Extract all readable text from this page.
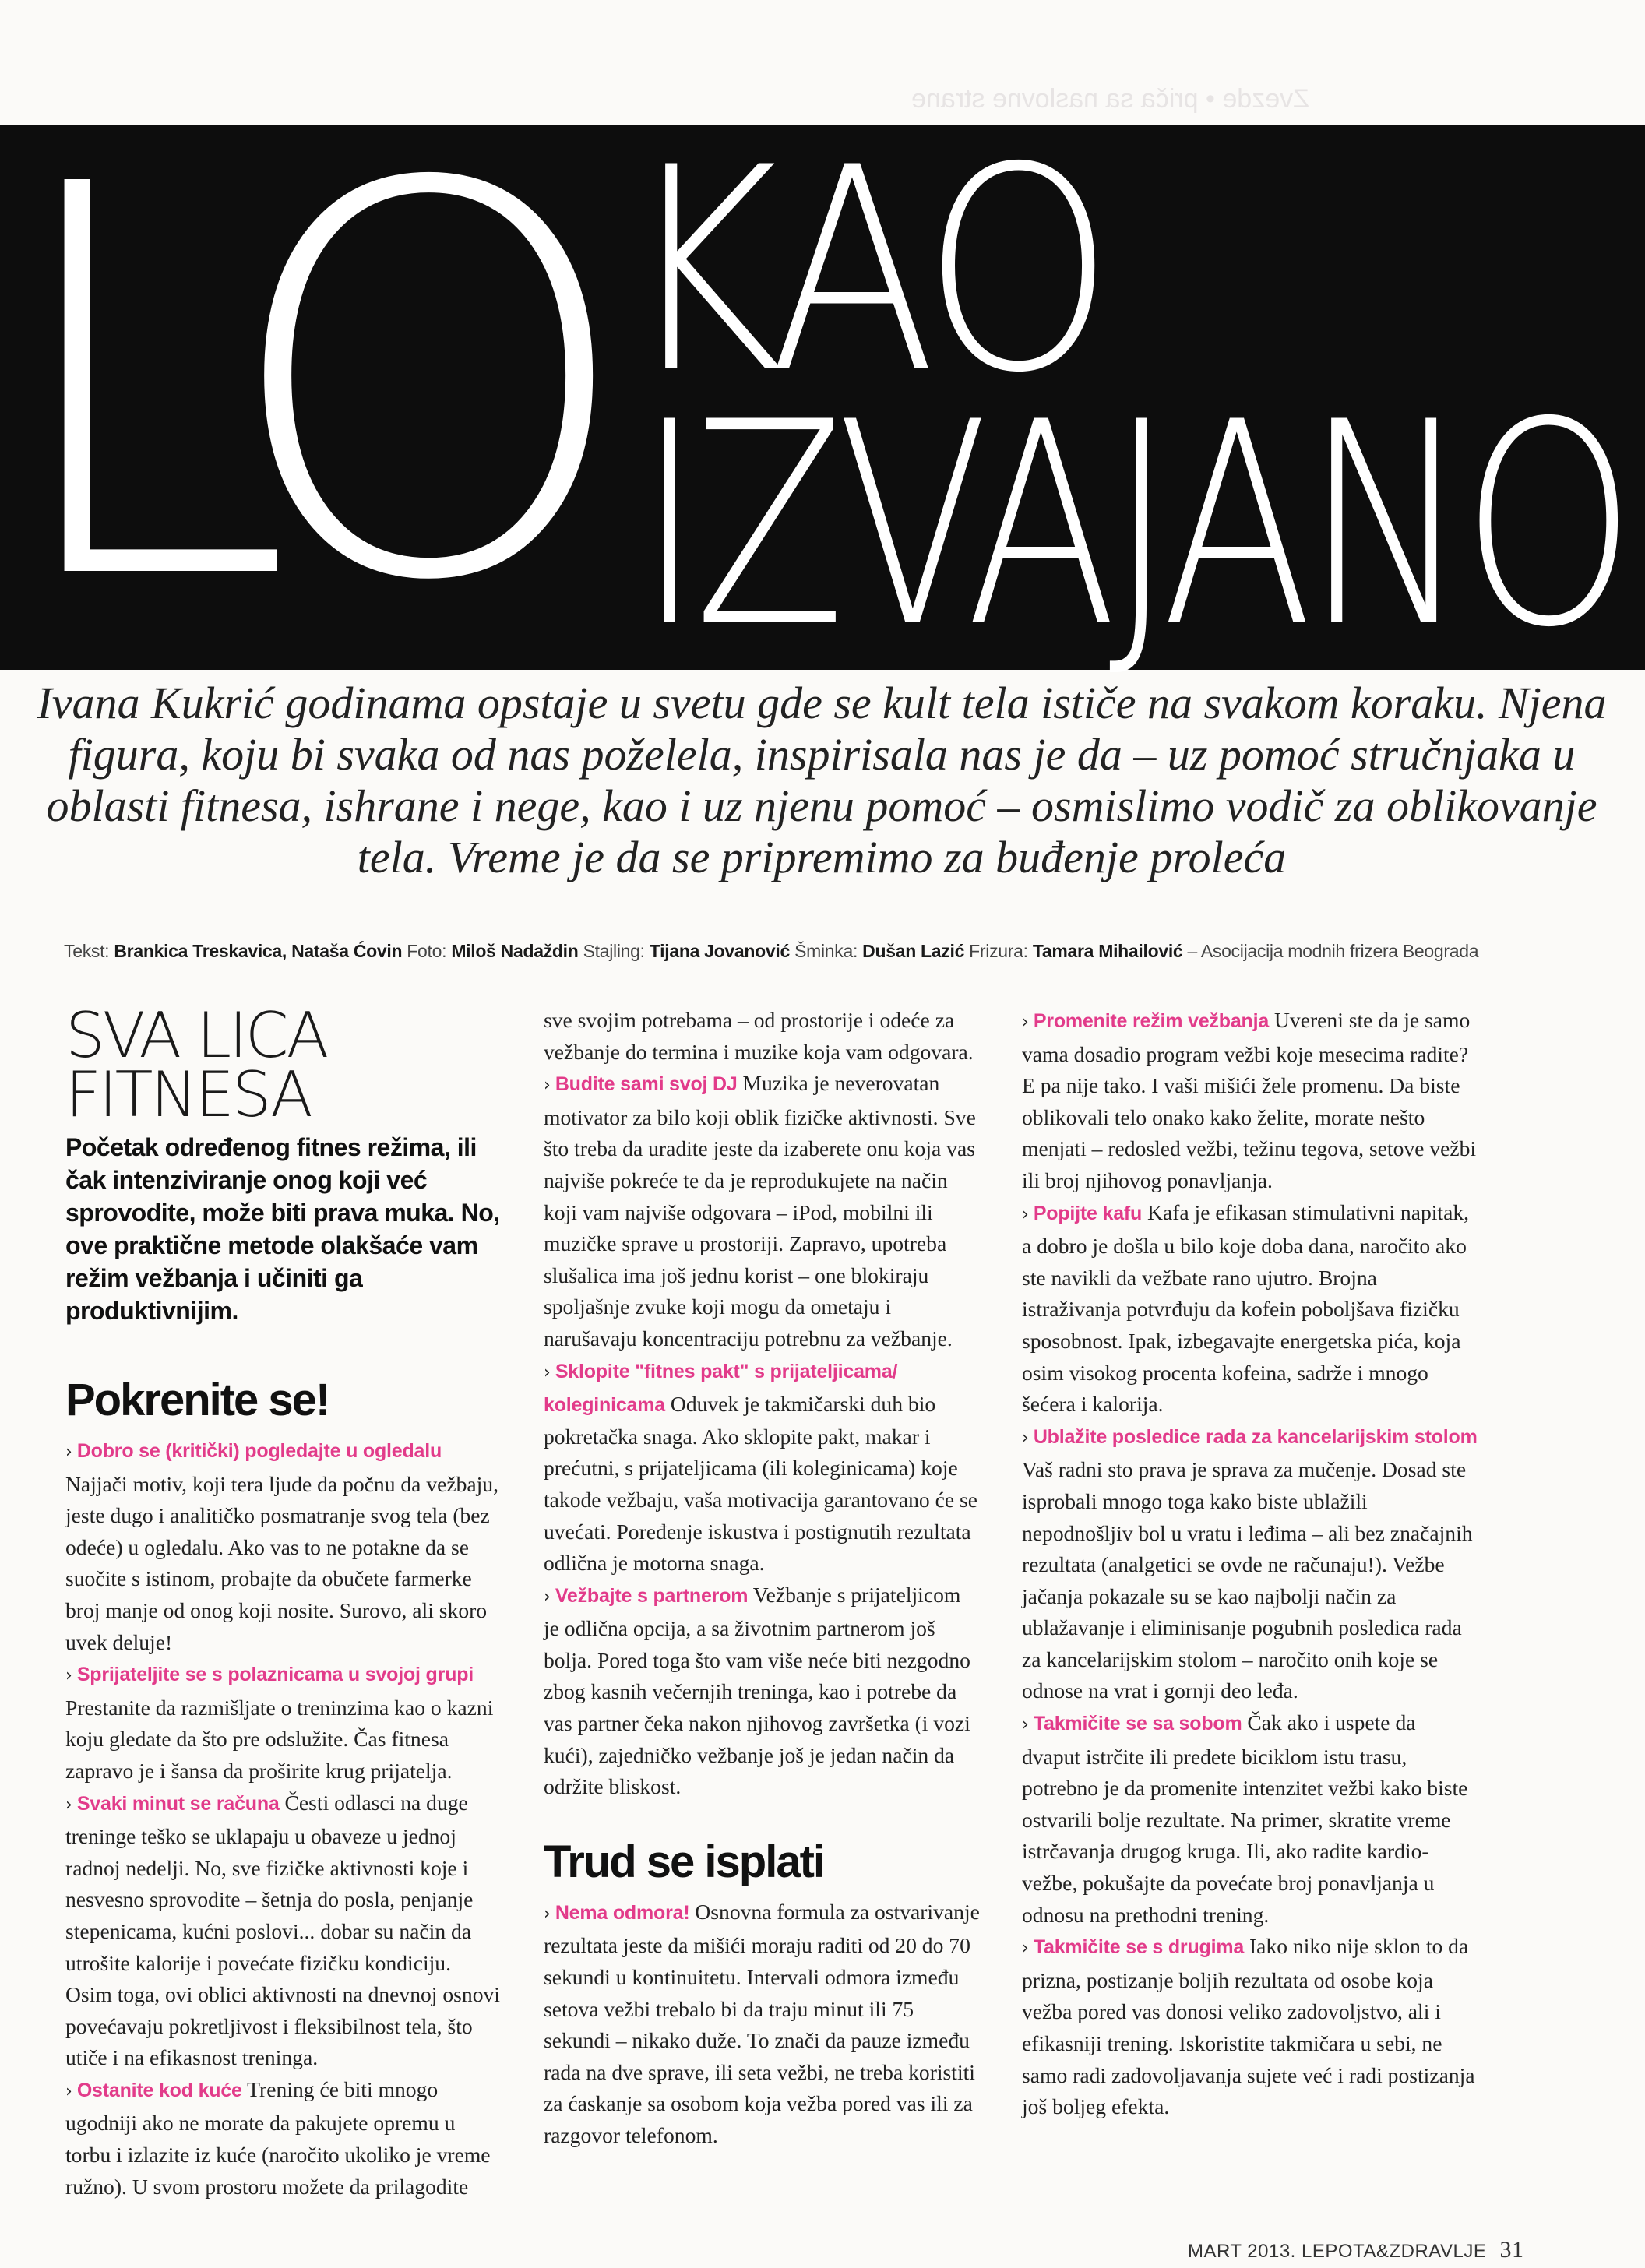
Zvezde • priča sa naslovne strane
LO KAO
IZVAJANO
Ivana Kukrić godinama opstaje u svetu gde se kult tela ističe na svakom koraku. Njena figura, koju bi svaka od nas poželela, inspirisala nas je da – uz pomoć stručnjaka u oblasti fitnesa, ishrane i nege, kao i uz njenu pomoć – osmislimo vodič za oblikovanje tela. Vreme je da se pripremimo za buđenje proleća
Tekst: Brankica Treskavica, Nataša Ćovin Foto: Miloš Nadaždin Stajling: Tijana Jovanović Šminka: Dušan Lazić Frizura: Tamara Mihailović – Asocijacija modnih frizera Beograda
SVA LICA
FITNESA
Početak određenog fitnes režima, ili čak intenziviranje onog koji već sprovodite, može biti prava muka. No, ove praktične metode olakšaće vam režim vežbanja i učiniti ga produktivnijim.
Pokrenite se!

› Dobro se (kritički) pogledajte u ogledalu
Najjači motiv, koji tera ljude da počnu da vežbaju, jeste dugo i analitičko posmatranje svog tela (bez odeće) u ogledalu. Ako vas to ne potakne da se suočite s istinom, probajte da obučete farmerke broj manje od onog koji nosite. Surovo, ali skoro uvek deluje!

› Sprijateljite se s polaznicama u svojoj grupi
Prestanite da razmišljate o treninzima kao o kazni koju gledate da što pre odslužite. Čas fitnesa zapravo je i šansa da proširite krug prijatelja.

› Svaki minut se računa Česti odlasci na duge treninge teško se uklapaju u obaveze u jednoj radnoj nedelji. No, sve fizičke aktivnosti koje i nesvesno sprovodite – šetnja do posla, penjanje stepenicama, kućni poslovi... dobar su način da utrošite kalorije i povećate fizičku kondiciju. Osim toga, ovi oblici aktivnosti na dnevnoj osnovi povećavaju pokretljivost i fleksibilnost tela, što utiče i na efikasnost treninga.

› Ostanite kod kuće Trening će biti mnogo ugodniji ako ne morate da pakujete opremu u torbu i izlazite iz kuće (naročito ukoliko je vreme ružno). U svom prostoru možete da prilagodite

sve svojim potrebama – od prostorije i odeće za vežbanje do termina i muzike koja vam odgovara.

› Budite sami svoj DJ Muzika je neverovatan motivator za bilo koji oblik fizičke aktivnosti. Sve što treba da uradite jeste da izaberete onu koja vas najviše pokreće te da je reprodukujete na način koji vam najviše odgovara – iPod, mobilni ili muzičke sprave u prostoriji. Zapravo, upotreba slušalica ima još jednu korist – one blokiraju spoljašnje zvuke koji mogu da ometaju i narušavaju koncentraciju potrebnu za vežbanje.

› Sklopite "fitnes pakt" s prijateljicama/ koleginicama Oduvek je takmičarski duh bio pokretačka snaga. Ako sklopite pakt, makar i prećutni, s prijateljicama (ili koleginicama) koje takođe vežbaju, vaša motivacija garantovano će se uvećati. Poređenje iskustva i postignutih rezultata odlična je motorna snaga.

› Vežbajte s partnerom Vežbanje s prijateljicom je odlična opcija, a sa životnim partnerom još bolja. Pored toga što vam više neće biti nezgodno zbog kasnih večernjih treninga, kao i potrebe da vas partner čeka nakon njihovog završetka (i vozi kući), zajedničko vežbanje još je jedan način da održite bliskost.

Trud se isplati

› Nema odmora! Osnovna formula za ostvarivanje rezultata jeste da mišići moraju raditi od 20 do 70 sekundi u kontinuitetu. Intervali odmora između setova vežbi trebalo bi da traju minut ili 75 sekundi – nikako duže. To znači da pauze između rada na dve sprave, ili seta vežbi, ne treba koristiti za ćaskanje sa osobom koja vežba pored vas ili za razgovor telefonom.

› Promenite režim vežbanja Uvereni ste da je samo vama dosadio program vežbi koje mesecima radite? E pa nije tako. I vaši mišići žele promenu. Da biste oblikovali telo onako kako želite, morate nešto menjati – redosled vežbi, težinu tegova, setove vežbi ili broj njihovog ponavljanja.

› Popijte kafu Kafa je efikasan stimulativni napitak, a dobro je došla u bilo koje doba dana, naročito ako ste navikli da vežbate rano ujutro. Brojna istraživanja potvrđuju da kofein poboljšava fizičku sposobnost. Ipak, izbegavajte energetska pića, koja osim visokog procenta kofeina, sadrže i mnogo šećera i kalorija.

› Ublažite posledice rada za kancelarijskim stolom Vaš radni sto prava je sprava za mučenje. Dosad ste isprobali mnogo toga kako biste ublažili nepodnošljiv bol u vratu i leđima – ali bez značajnih rezultata (analgetici se ovde ne računaju!). Vežbe jačanja pokazale su se kao najbolji način za ublažavanje i eliminisanje pogubnih posledica rada za kancelarijskim stolom – naročito onih koje se odnose na vrat i gornji deo leđa.

› Takmičite se sa sobom Čak ako i uspete da dvaput istrčite ili pređete biciklom istu trasu, potrebno je da promenite intenzitet vežbi kako biste ostvarili bolje rezultate. Na primer, skratite vreme istrčavanja drugog kruga. Ili, ako radite kardio-vežbe, pokušajte da povećate broj ponavljanja u odnosu na prethodni trening.

› Takmičite se s drugima Iako niko nije sklon to da prizna, postizanje boljih rezultata od osobe koja vežba pored vas donosi veliko zadovoljstvo, ali i efikasniji trening. Iskoristite takmičara u sebi, ne samo radi zadovoljavanja sujete već i radi postizanja još boljeg efekta.

MART 2013. LEPOTA&ZDRAVLJE 31
